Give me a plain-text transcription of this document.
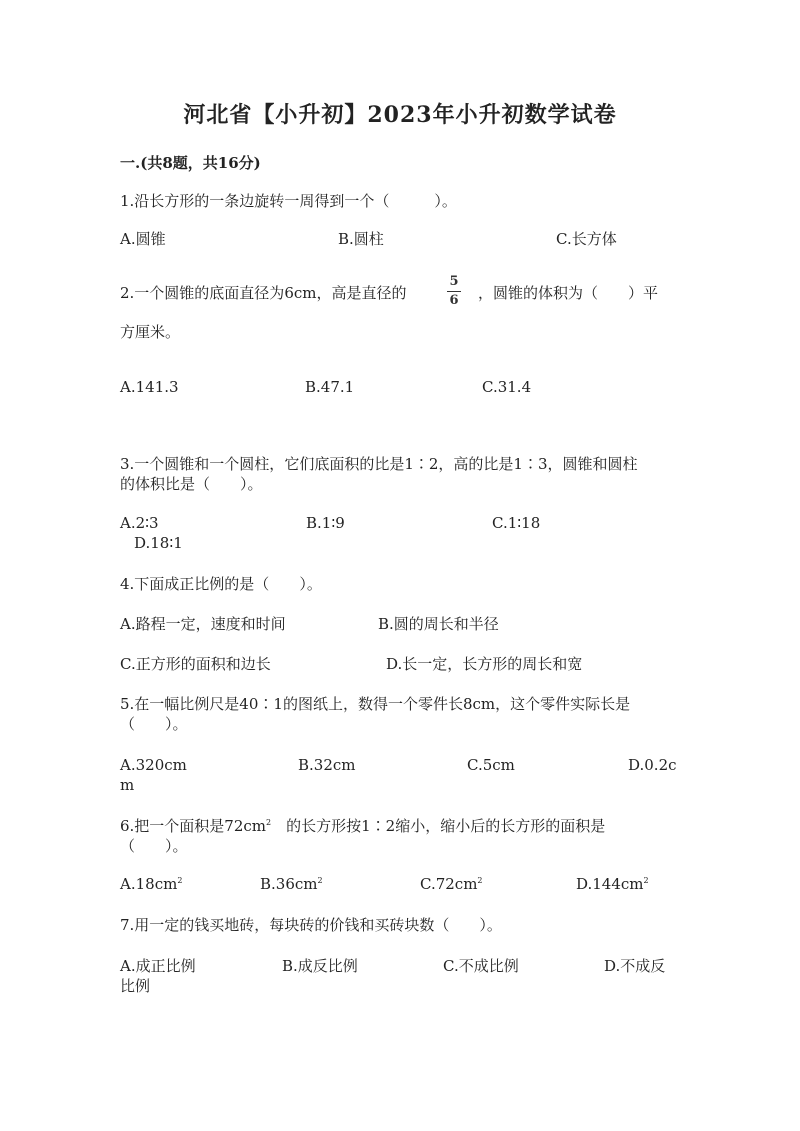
河北省【小升初】2023年小升初数学试卷
一.(共8题，共16分)
1.沿长方形的一条边旋转一周得到一个（　　　）。
A.圆锥	B.圆柱	C.长方体
2.一个圆锥的底面直径为6cm，高是直径的
5
6 ，圆锥的体积为（　　）平
方厘米。
A.141.3	B.47.1	C.31.4
3.一个圆锥和一个圆柱，它们底面积的比是1∶2，高的比是1∶3，圆锥和圆柱
的体积比是（　　）。
A.2∶3	B.1∶9	C.1∶18
D.18∶1
4.下面成正比例的是（　　）。
A.路程一定，速度和时间	B.圆的周长和半径
C.正方形的面积和边长	D.长一定，长方形的周长和宽
5.在一幅比例尺是40∶1的图纸上，数得一个零件长8cm，这个零件实际长是
（　　）。
A.320cm	B.32cm	C.5cm	D.0.2c
m
6.把一个面积是$72cm^2$　 的长方形按1∶2缩小，缩小后的长方形的面积是
（　　）。
$A.18cm^2$	$B.36cm^2$	$C.72cm^2$	$D.144cm^2$
7.用一定的钱买地砖，每块砖的价钱和买砖块数（　　）。
A.成正比例	B.成反比例	C.不成比例	D.不成反
比例
